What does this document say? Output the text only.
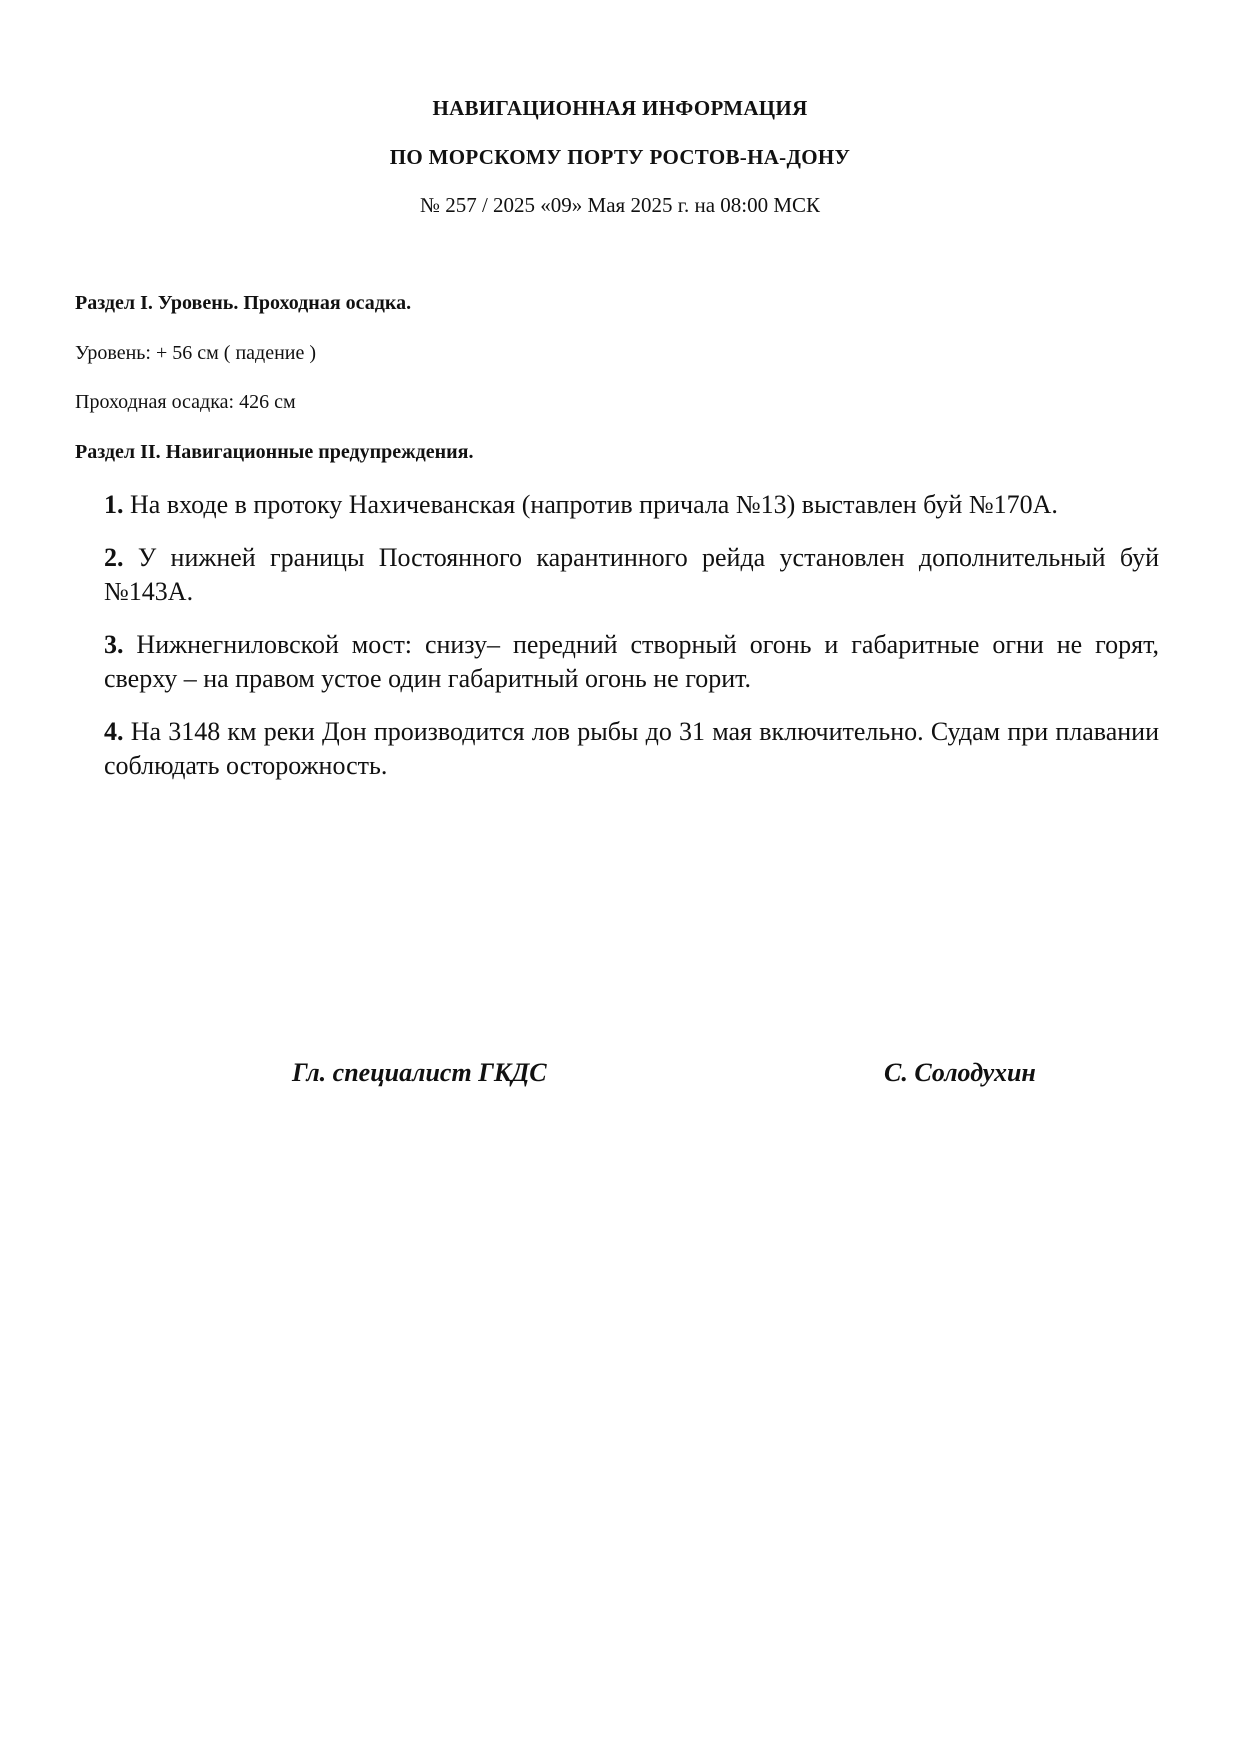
НАВИГАЦИОННАЯ ИНФОРМАЦИЯ
ПО МОРСКОМУ ПОРТУ РОСТОВ-НА-ДОНУ
№ 257 / 2025 «09» Мая 2025 г. на 08:00 МСК
Раздел I. Уровень. Проходная осадка.
Уровень: + 56 см ( падение )
Проходная осадка: 426 см
Раздел II. Навигационные предупреждения.
1. На входе в протоку Нахичеванская (напротив причала №13) выставлен буй №170А.
2. У нижней границы Постоянного карантинного рейда установлен дополнительный буй №143А.
3. Нижнегниловской мост: снизу– передний створный огонь и габаритные огни не горят, сверху – на правом устое один габаритный огонь не горит.
4. На 3148 км реки Дон производится лов рыбы до 31 мая включительно. Судам при плавании соблюдать осторожность.
Гл. специалист ГКДС	С. Солодухин
